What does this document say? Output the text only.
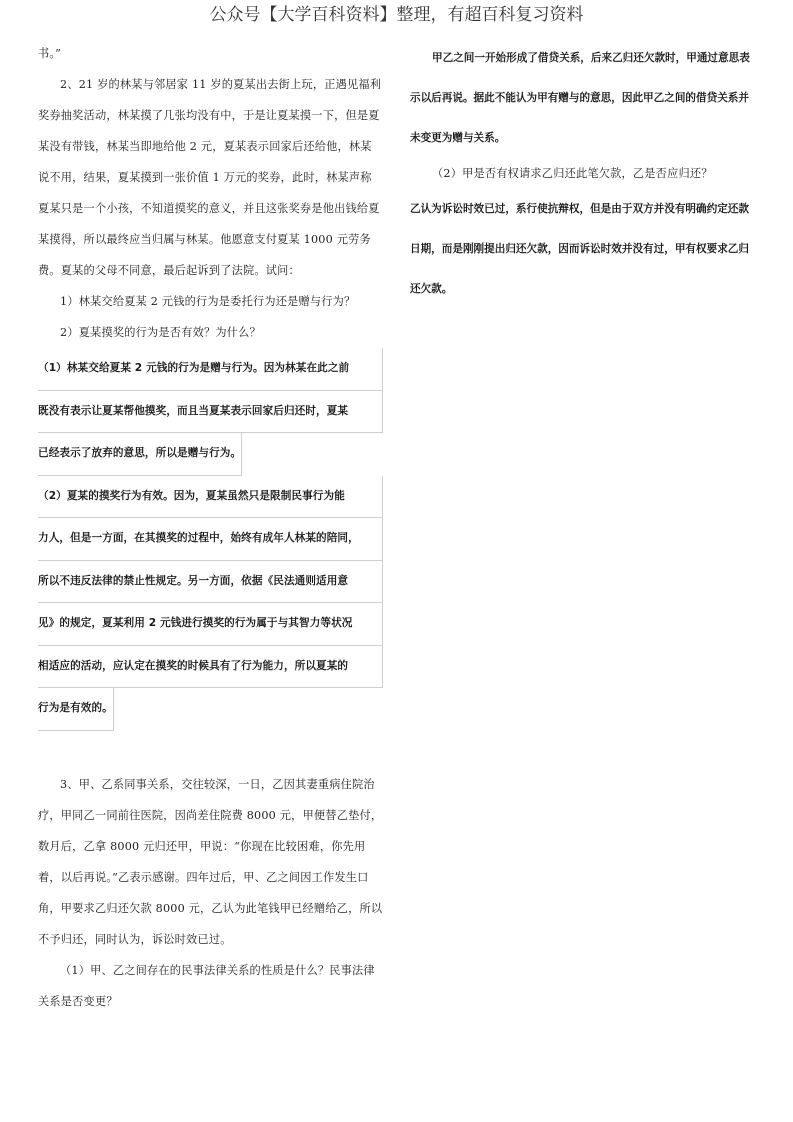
公众号【大学百科资料】整理，有超百科复习资料

书。”

2、21 岁的林某与邻居家 11 岁的夏某出去街上玩，正遇见福利奖券抽奖活动，林某摸了几张均没有中，于是让夏某摸一下，但是夏某没有带钱，林某当即地给他 2 元，夏某表示回家后还给他，林某说不用，结果，夏某摸到一张价值 1 万元的奖券，此时，林某声称夏某只是一个小孩，不知道摸奖的意义，并且这张奖券是他出钱给夏某摸得，所以最终应当归属与林某。他愿意支付夏某 1000 元劳务费。夏某的父母不同意，最后起诉到了法院。试问：

1）林某交给夏某 2 元钱的行为是委托行为还是赠与行为？

2）夏某摸奖的行为是否有效？为什么？

（1）林某交给夏某 2 元钱的行为是赠与行为。因为林某在此之前
既没有表示让夏某帮他摸奖，而且当夏某表示回家后归还时，夏某
已经表示了放弃的意思，所以是赠与行为。
（2）夏某的摸奖行为有效。因为，夏某虽然只是限制民事行为能
力人，但是一方面，在其摸奖的过程中，始终有成年人林某的陪同，
所以不违反法律的禁止性规定。另一方面，依据《民法通则适用意
见》的规定，夏某利用 2 元钱进行摸奖的行为属于与其智力等状况
相适应的活动，应认定在摸奖的时候具有了行为能力，所以夏某的
行为是有效的。

3、甲、乙系同事关系，交往较深，一日，乙因其妻重病住院治疗，甲同乙一同前往医院，因尚差住院费 8000 元，甲便替乙垫付，数月后，乙拿 8000 元归还甲，甲说：“你现在比较困难，你先用着，以后再说。”乙表示感谢。四年过后，甲、乙之间因工作发生口角，甲要求乙归还欠款 8000 元，乙认为此笔钱甲已经赠给乙，所以不予归还，同时认为，诉讼时效已过。

（1）甲、乙之间存在的民事法律关系的性质是什么？民事法律关系是否变更？

甲乙之间一开始形成了借贷关系，后来乙归还欠款时，甲通过意思表示以后再说。据此不能认为甲有赠与的意思，因此甲乙之间的借贷关系并未变更为赠与关系。

（2）甲是否有权请求乙归还此笔欠款，乙是否应归还？

乙认为诉讼时效已过，系行使抗辩权，但是由于双方并没有明确约定还款日期，而是刚刚提出归还欠款，因而诉讼时效并没有过，甲有权要求乙归还欠款。
